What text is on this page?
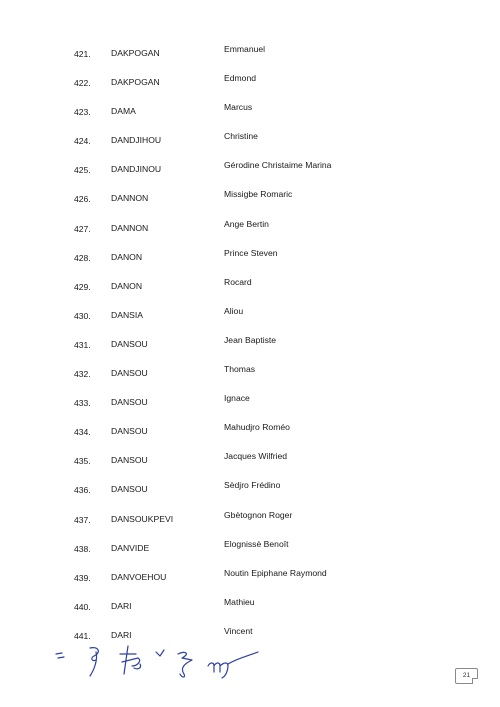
421.	DAKPOGAN	Emmanuel
422.	DAKPOGAN	Edmond
423.	DAMA	Marcus
424.	DANDJIHOU	Christine
425.	DANDJINOU	Gérodine Christaime Marina
426.	DANNON	Missigbe Romaric
427.	DANNON	Ange Bertin
428.	DANON	Prince Steven
429.	DANON	Rocard
430.	DANSIA	Aliou
431.	DANSOU	Jean Baptiste
432.	DANSOU	Thomas
433.	DANSOU	Ignace
434.	DANSOU	Mahudjro Roméo
435.	DANSOU	Jacques Wilfried
436.	DANSOU	Sèdjro Frédino
437.	DANSOUKPEVI	Gbètognon Roger
438.	DANVIDE	Elognissè Benoît
439.	DANVOEHOU	Noutin Epiphane Raymond
440.	DARI	Mathieu
441.	DARI	Vincent
21
